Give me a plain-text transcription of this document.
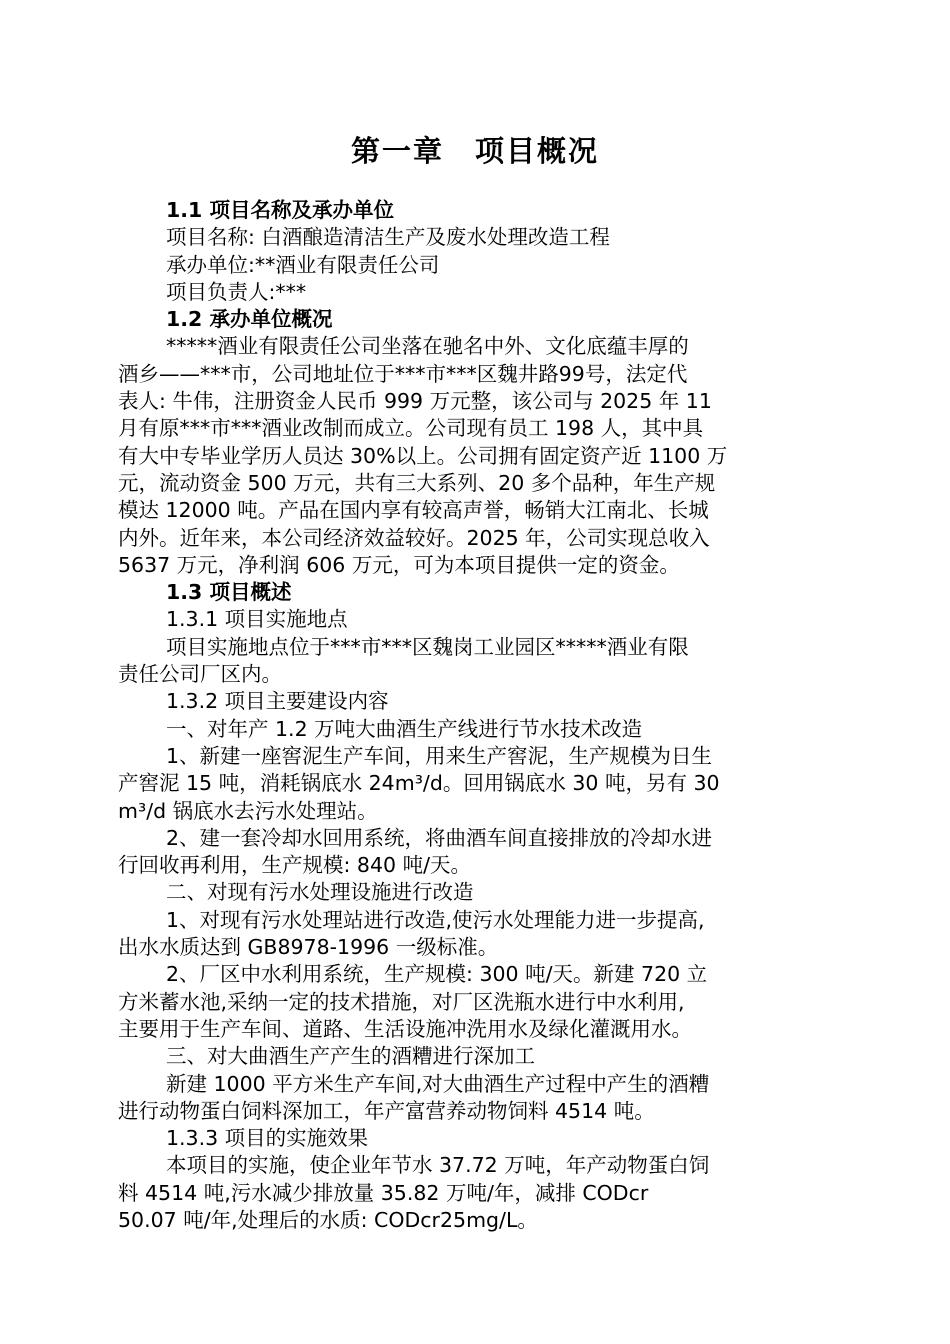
第一章　项目概况
1.1 项目名称及承办单位
项目名称: 白酒酿造清洁生产及废水处理改造工程
承办单位:**酒业有限责任公司
项目负责人:***
1.2 承办单位概况
*****酒业有限责任公司坐落在驰名中外、文化底蕴丰厚的
酒乡——***市，公司地址位于***市***区魏井路99号，法定代
表人: 牛伟，注册资金人民币 999 万元整，该公司与 2025 年 11
月有原***市***酒业改制而成立。公司现有员工 198 人，其中具
有大中专毕业学历人员达 30%以上。公司拥有固定资产近 1100 万
元，流动资金 500 万元，共有三大系列、20 多个品种，年生产规
模达 12000 吨。产品在国内享有较高声誉，畅销大江南北、长城
内外。近年来，本公司经济效益较好。2025 年，公司实现总收入
5637 万元，净利润 606 万元，可为本项目提供一定的资金。
1.3 项目概述
1.3.1 项目实施地点
项目实施地点位于***市***区魏岗工业园区*****酒业有限
责任公司厂区内。
1.3.2 项目主要建设内容
一、对年产 1.2 万吨大曲酒生产线进行节水技术改造
1、新建一座窖泥生产车间，用来生产窖泥，生产规模为日生
产窖泥 15 吨，消耗锅底水 24m³/d。回用锅底水 30 吨，另有 30
m³/d 锅底水去污水处理站。
2、建一套冷却水回用系统，将曲酒车间直接排放的冷却水进
行回收再利用，生产规模: 840 吨/天。
二、对现有污水处理设施进行改造
1、对现有污水处理站进行改造,使污水处理能力进一步提高,
出水水质达到 GB8978-1996 一级标准。
2、厂区中水利用系统，生产规模: 300 吨/天。新建 720 立
方米蓄水池,采纳一定的技术措施，对厂区洗瓶水进行中水利用,
主要用于生产车间、道路、生活设施冲洗用水及绿化灌溉用水。
三、对大曲酒生产产生的酒糟进行深加工
新建 1000 平方米生产车间,对大曲酒生产过程中产生的酒糟
进行动物蛋白饲料深加工，年产富营养动物饲料 4514 吨。
1.3.3 项目的实施效果
本项目的实施，使企业年节水 37.72 万吨，年产动物蛋白饲
料 4514 吨,污水减少排放量 35.82 万吨/年，减排 CODcr
50.07 吨/年,处理后的水质: CODcr25mg/L。
